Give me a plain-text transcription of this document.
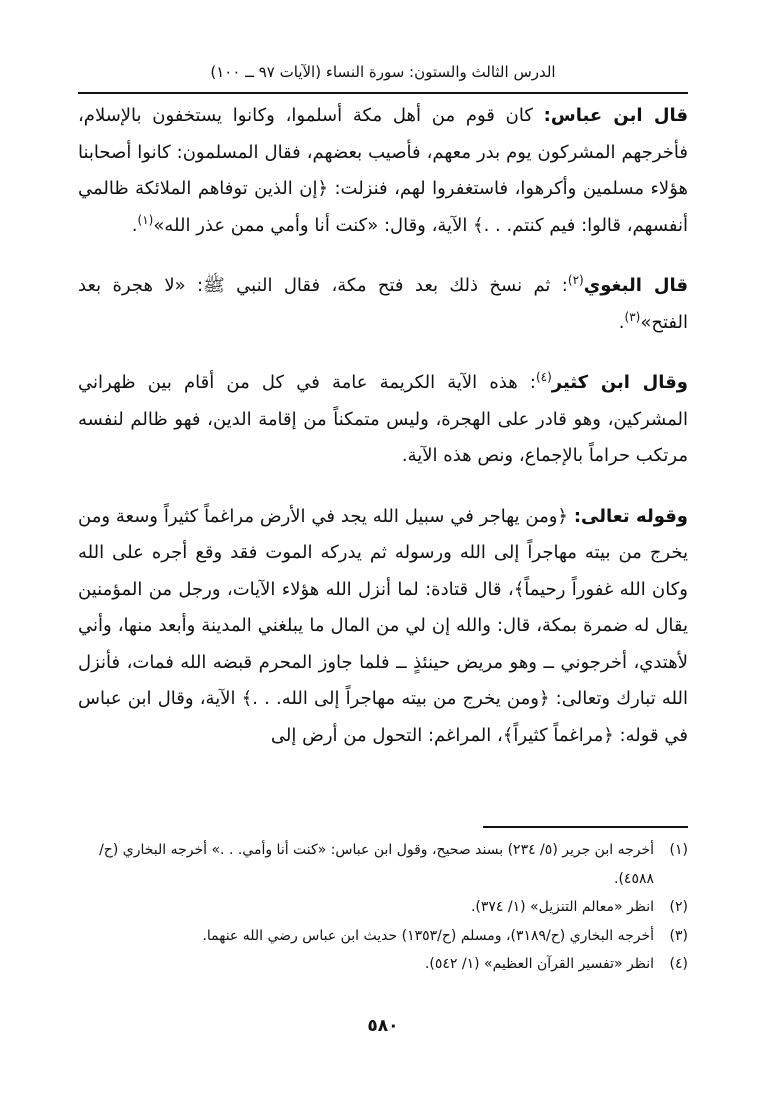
الدرس الثالث والستون: سورة النساء (الآيات ٩٧ ــ ١٠٠)

قال ابن عباس: كان قوم من أهل مكة أسلموا، وكانوا يستخفون بالإسلام، فأخرجهم المشركون يوم بدر معهم، فأصيب بعضهم، فقال المسلمون: كانوا أصحابنا هؤلاء مسلمين وأكرهوا، فاستغفروا لهم، فنزلت: ﴿إن الذين توفاهم الملائكة ظالمي أنفسهم، قالوا: فيم كنتم. . .﴾ الآية، وقال: «كنت أنا وأمي ممن عذر الله»$^{(١)}$.

قال البغوي$^{(٢)}$: ثم نسخ ذلك بعد فتح مكة، فقال النبي ﷺ: «لا هجرة بعد الفتح»$^{(٣)}$.

وقال ابن كثير$^{(٤)}$: هذه الآية الكريمة عامة في كل من أقام بين ظهراني المشركين، وهو قادر على الهجرة، وليس متمكناً من إقامة الدين، فهو ظالم لنفسه مرتكب حراماً بالإجماع، ونص هذه الآية.

وقوله تعالى: ﴿ومن يهاجر في سبيل الله يجد في الأرض مراغماً كثيراً وسعة ومن يخرج من بيته مهاجراً إلى الله ورسوله ثم يدركه الموت فقد وقع أجره على الله وكان الله غفوراً رحيماً﴾، قال قتادة: لما أنزل الله هؤلاء الآيات، ورجل من المؤمنين يقال له ضمرة بمكة، قال: والله إن لي من المال ما يبلغني المدينة وأبعد منها، وأني لأهتدي، أخرجوني ــ وهو مريض حينئذٍ ــ فلما جاوز المحرم قبضه الله فمات، فأنزل الله تبارك وتعالى: ﴿ومن يخرج من بيته مهاجراً إلى الله. . .﴾ الآية، وقال ابن عباس في قوله: ﴿مراغماً كثيراً﴾، المراغم: التحول من أرض إلى

(١)
أخرجه ابن جرير (٥/ ٢٣٤) بسند صحيح، وقول ابن عباس: «كنت أنا وأمي. . .» أخرجه البخاري (ح/٤٥٨٨).
(٢)
انظر «معالم التنزيل» (١/ ٣٧٤).
(٣)
أخرجه البخاري (ح/٣١٨٩)، ومسلم (ح/١٣٥٣) حديث ابن عباس رضي الله عنهما.
(٤)
انظر «تفسير القرآن العظيم» (١/ ٥٤٢).
٥٨٠
